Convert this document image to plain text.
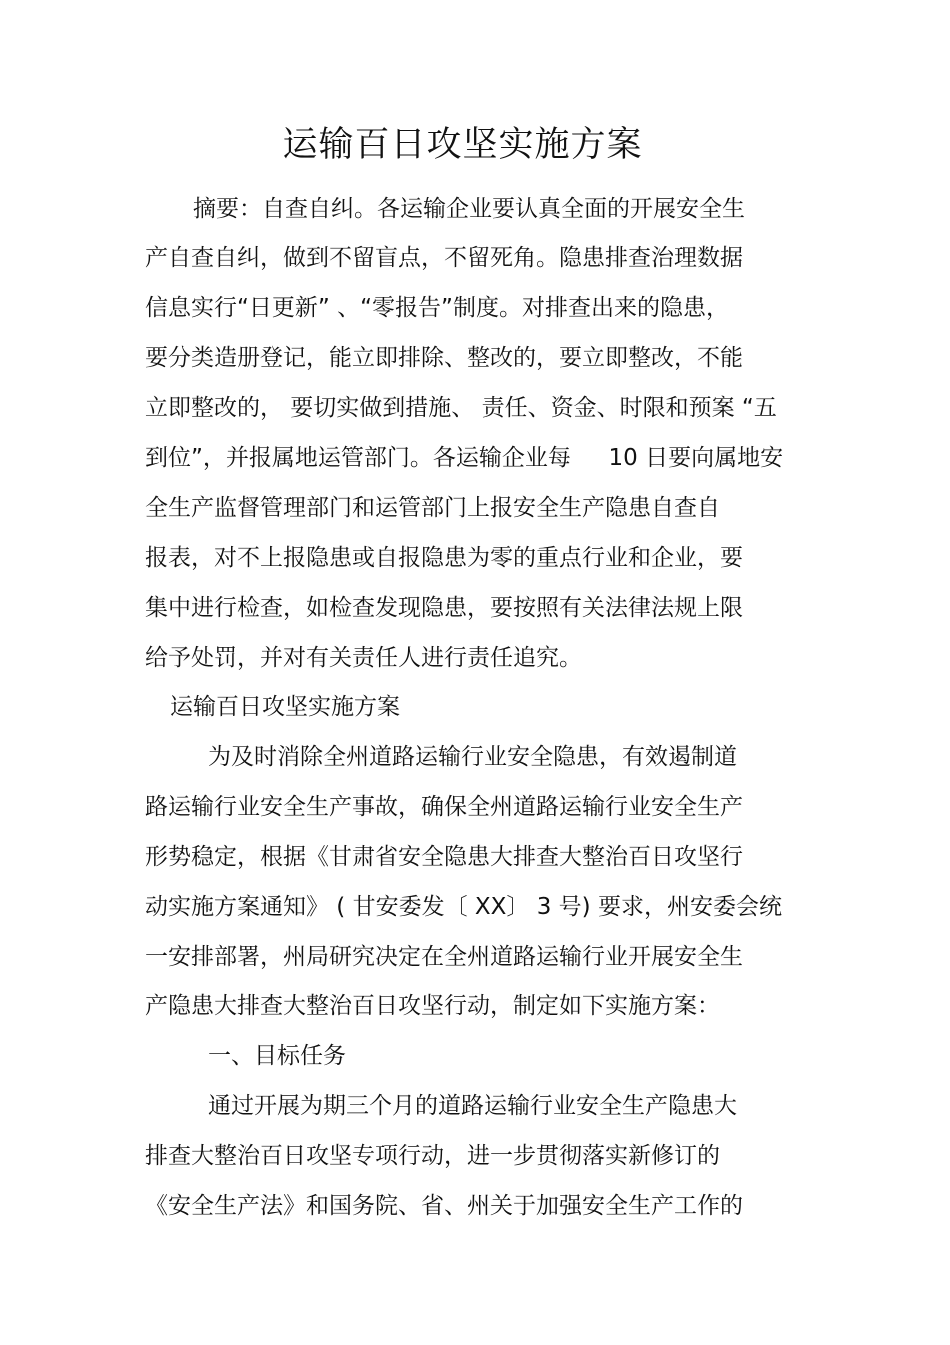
运输百日攻坚实施方案
摘要：自查自纠。各运输企业要认真全面的开展安全生
产自查自纠，做到不留盲点，不留死角。隐患排查治理数据
信息实行“日更新” 、“零报告”制度。对排查出来的隐患，
要分类造册登记，能立即排除、整改的，要立即整改，不能
立即整改的， 要切实做到措施、 责任、资金、时限和预案 “五
到位”，并报属地运管部门。各运输企业每 　 10 日要向属地安
全生产监督管理部门和运管部门上报安全生产隐患自查自
报表，对不上报隐患或自报隐患为零的重点行业和企业，要
集中进行检查，如检查发现隐患，要按照有关法律法规上限
给予处罚，并对有关责任人进行责任追究。
运输百日攻坚实施方案
为及时消除全州道路运输行业安全隐患，有效遏制道
路运输行业安全生产事故，确保全州道路运输行业安全生产
形势稳定，根据《甘肃省安全隐患大排查大整治百日攻坚行
动实施方案通知》 ( 甘安委发〔 XX〕 3 号) 要求，州安委会统
一安排部署，州局研究决定在全州道路运输行业开展安全生
产隐患大排查大整治百日攻坚行动，制定如下实施方案：
一、目标任务
通过开展为期三个月的道路运输行业安全生产隐患大
排查大整治百日攻坚专项行动，进一步贯彻落实新修订的
《安全生产法》和国务院、省、州关于加强安全生产工作的
